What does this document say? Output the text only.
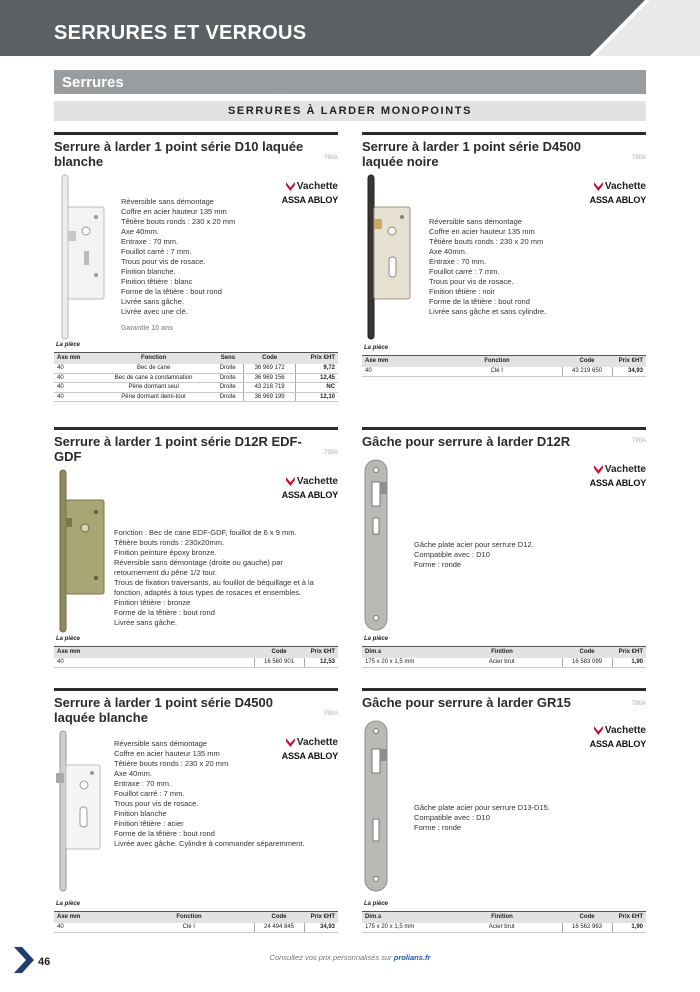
SERRURES ET VERROUS
Serrures
SERRURES À LARDER MONOPOINTS
Serrure à larder 1 point série D10 laquée blanche	790A
Vachette
ASSA ABLOY
Réversible sans démontage
Coffre en acier hauteur 135 mm
Têtière bouts ronds : 230 x 20 mm
Axe 40mm.
Entraxe : 70 mm.
Fouillot carré : 7 mm.
Trous pour vis de rosace.
Finition blanche.
Finition têtière : blanc
Forme de la têtière : bout rond
Livrée sans gâche.
Livrée avec une clé.
Garantie 10 ans
La pièce
Axe mm	Fonction	Sens	Code	Prix €HT
40	Bec de cane	Droite	36 969 172	9,72
40	Bec de cane à condamnation	Droite	36 969 156	12,45
40	Pêne dormant seul	Droite	43 218 719	NC
40	Pêne dormant demi-tour	Droite	36 969 199	12,10
Serrure à larder 1 point série D4500 laquée noire	790A
Vachette
ASSA ABLOY
Réversible sans démontage
Coffre en acier hauteur 135 mm
Têtière bouts ronds : 230 x 20 mm
Axe 40mm.
Entraxe : 70 mm.
Fouillot carré : 7 mm.
Trous pour vis de rosace.
Finition têtière : noir
Forme de la têtière : bout rond
Livrée sans gâche et sans cylindre.
La pièce
Axe mm	Fonction	Code	Prix €HT
40	Clé I	43 219 650	34,93
Serrure à larder 1 point série D12R EDF-GDF	790A
Vachette
ASSA ABLOY
Fonction : Bec de cane EDF-GDF, fouillot de 6 x 9 mm.
Têtière bouts ronds : 230x20mm.
Finition peinture époxy bronze.
Réversible sans démontage (droite ou gauche) par
retournement du pêne 1/2 tour.
Trous de fixation traversants, au fouillot de béquillage et à la
fonction, adaptés à tous types de rosaces et ensembles.
Finition têtière : bronze
Forme de la têtière : bout rond
Livrée sans gâche.
La pièce
Axe mm	Code	Prix €HT
40	16 560 901	12,53
Gâche pour serrure à larder D12R	790A
Vachette
ASSA ABLOY
Gâche plate acier pour serrure D12.
Compatible avec : D10
Forme : ronde
La pièce
Dim.s	Finition	Code	Prix €HT
175 x 20 x 1,5 mm	Acier brut	16 583 099	1,90
Serrure à larder 1 point série D4500 laquée blanche	790A
Vachette
ASSA ABLOY
Réversible sans démontage
Coffre en acier hauteur 135 mm
Têtière bouts ronds : 230 x 20 mm
Axe 40mm.
Entraxe : 70 mm.
Fouillot carré : 7 mm.
Trous pour vis de rosace.
Finition blanche
Finition têtière : acier
Forme de la têtière : bout rond
Livrée avec gâche. Cylindre à commander séparemment.
La pièce
Axe mm	Fonction	Code	Prix €HT
40	Clé I	24 494 845	34,93
Gâche pour serrure à larder GR15	790A
Vachette
ASSA ABLOY
Gâche plate acier pour serrure D13-D15.
Compatible avec : D10
Forme : ronde
La pièce
Dim.s	Finition	Code	Prix €HT
175 x 20 x 1,5 mm	Acier brut	16 562 963	1,90
46	Consultez vos prix personnalisés sur prolians.fr
